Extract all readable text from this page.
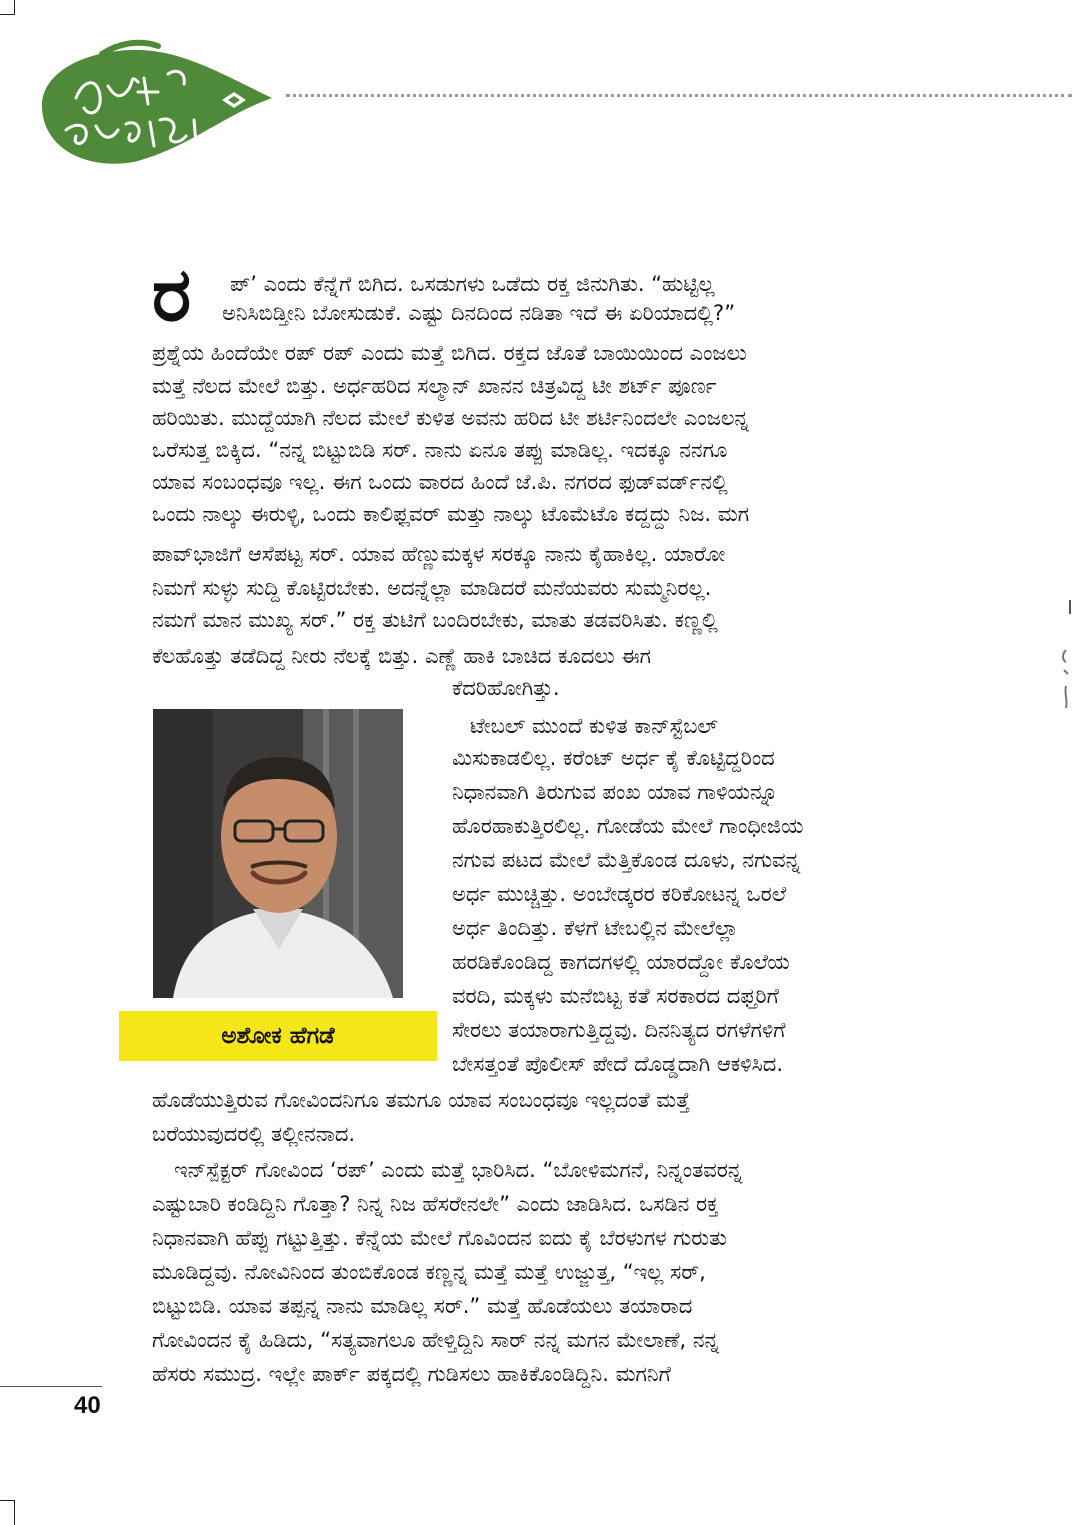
ರ ಪ್’ ಎಂದು ಕೆನ್ನೆಗೆ ಬಿಗಿದ. ಒಸಡುಗಳು ಒಡೆದು ರಕ್ತ ಜಿನುಗಿತು. “ಹುಟ್ಟಿಲ್ಲ
ಅನಿಸಿಬಿಡ್ತೀನಿ ಬೋಸುಡುಕೆ. ಎಷ್ಟು ದಿನದಿಂದ ನಡಿತಾ ಇದೆ ಈ ಏರಿಯಾದಲ್ಲಿ?”
ಪ್ರಶ್ನೆಯ ಹಿಂದೆಯೇ ರಪ್ ರಪ್ ಎಂದು ಮತ್ತೆ ಬಿಗಿದ. ರಕ್ತದ ಜೊತೆ ಬಾಯಿಯಿಂದ ಎಂಜಲು
ಮತ್ತೆ ನೆಲದ ಮೇಲೆ ಬಿತ್ತು. ಅರ್ಧಹರಿದ ಸಲ್ಮಾನ್ ಖಾನನ ಚಿತ್ರವಿದ್ದ ಟೀ ಶರ್ಟ್ ಪೂರ್ಣ
ಹರಿಯಿತು. ಮುದ್ದೆಯಾಗಿ ನೆಲದ ಮೇಲೆ ಕುಳಿತ ಅವನು ಹರಿದ ಟೀ ಶರ್ಟಿನಿಂದಲೇ ಎಂಜಲನ್ನ
ಒರೆಸುತ್ತ ಬಿಕ್ಕಿದ. “ನನ್ನ ಬಿಟ್ಟುಬಿಡಿ ಸರ್. ನಾನು ಏನೂ ತಪ್ಪು ಮಾಡಿಲ್ಲ. ಇದಕ್ಕೂ ನನಗೂ
ಯಾವ ಸಂಬಂಧವೂ ಇಲ್ಲ. ಈಗ ಒಂದು ವಾರದ ಹಿಂದೆ ಜೆ.ಪಿ. ನಗರದ ಫುಡ್‌ವರ್ಡ್‌ನಲ್ಲಿ
ಒಂದು ನಾಲ್ಕು ಈರುಳ್ಳಿ, ಒಂದು ಕಾಲಿಫ್ಲವರ್ ಮತ್ತು ನಾಲ್ಕು ಟೊಮೆಟೊ ಕದ್ದದ್ದು ನಿಜ. ಮಗ
ಪಾವ್‌ಭಾಜಿಗೆ ಆಸೆಪಟ್ಟ ಸರ್. ಯಾವ ಹೆಣ್ಣುಮಕ್ಕಳ ಸರಕ್ಕೂ ನಾನು ಕೈಹಾಕಿಲ್ಲ. ಯಾರೋ
ನಿಮಗೆ ಸುಳ್ಳು ಸುದ್ದಿ ಕೊಟ್ಟಿರಬೇಕು. ಅದನ್ನೆಲ್ಲಾ ಮಾಡಿದರೆ ಮನೆಯವರು ಸುಮ್ಮನಿರಲ್ಲ.
ನಮಗೆ ಮಾನ ಮುಖ್ಯ ಸರ್.” ರಕ್ತ ತುಟಿಗೆ ಬಂದಿರಬೇಕು, ಮಾತು ತಡವರಿಸಿತು. ಕಣ್ಣಲ್ಲಿ
ಕೆಲಹೊತ್ತು ತಡೆದಿದ್ದ ನೀರು ನೆಲಕ್ಕೆ ಬಿತ್ತು. ಎಣ್ಣೆ ಹಾಕಿ ಬಾಚಿದ ಕೂದಲು ಈಗ
ಕೆದರಿಹೋಗಿತ್ತು.
ಟೇಬಲ್ ಮುಂದೆ ಕುಳಿತ ಕಾನ್‌ಸ್ಟೆಬಲ್
ಮಿಸುಕಾಡಲಿಲ್ಲ. ಕರೆಂಟ್ ಅರ್ಧ ಕೈ ಕೊಟ್ಟಿದ್ದರಿಂದ
ನಿಧಾನವಾಗಿ ತಿರುಗುವ ಪಂಖ ಯಾವ ಗಾಳಿಯನ್ನೂ
ಹೊರಹಾಕುತ್ತಿರಲಿಲ್ಲ. ಗೋಡೆಯ ಮೇಲೆ ಗಾಂಧೀಜಿಯ
ನಗುವ ಪಟದ ಮೇಲೆ ಮೆತ್ತಿಕೊಂಡ ದೂಳು, ನಗುವನ್ನ
ಅರ್ಧ ಮುಚ್ಚಿತ್ತು. ಅಂಬೇಡ್ಕರರ ಕರಿಕೋಟನ್ನ ಒರಲೆ
ಅರ್ಧ ತಿಂದಿತ್ತು. ಕೆಳಗೆ ಟೇಬಲ್ಲಿನ ಮೇಲೆಲ್ಲಾ
ಹರಡಿಕೊಂಡಿದ್ದ ಕಾಗದಗಳಲ್ಲಿ ಯಾರದ್ದೋ ಕೊಲೆಯ
ವರದಿ, ಮಕ್ಕಳು ಮನೆಬಿಟ್ಟ ಕತೆ ಸರಕಾರದ ದಫ್ತರಿಗೆ
ಸೇರಲು ತಯಾರಾಗುತ್ತಿದ್ದವು. ದಿನನಿತ್ಯದ ರಗಳೆಗಳಿಗೆ
ಬೇಸತ್ತಂತೆ ಪೊಲೀಸ್ ಪೇದೆ ದೊಡ್ಡದಾಗಿ ಆಕಳಿಸಿದ.
ಹೊಡೆಯುತ್ತಿರುವ ಗೋವಿಂದನಿಗೂ ತಮಗೂ ಯಾವ ಸಂಬಂಧವೂ ಇಲ್ಲದಂತೆ ಮತ್ತೆ
ಬರೆಯುವುದರಲ್ಲಿ ತಲ್ಲೀನನಾದ.
ಇನ್‌ಸ್ಪೆಕ್ಟರ್ ಗೋವಿಂದ ‘ರಪ್’ ಎಂದು ಮತ್ತೆ ಭಾರಿಸಿದ. “ಬೋಳಿಮಗನೆ, ನಿನ್ನಂತವರನ್ನ
ಎಷ್ಟುಬಾರಿ ಕಂಡಿದ್ದಿನಿ ಗೊತ್ತಾ? ನಿನ್ನ ನಿಜ ಹೆಸರೇನಲೇ” ಎಂದು ಜಾಡಿಸಿದ. ಒಸಡಿನ ರಕ್ತ
ನಿಧಾನವಾಗಿ ಹೆಪ್ಪು ಗಟ್ಟುತ್ತಿತ್ತು. ಕೆನ್ನೆಯ ಮೇಲೆ ಗೊವಿಂದನ ಐದು ಕೈ ಬೆರಳುಗಳ ಗುರುತು
ಮೂಡಿದ್ದವು. ನೋವಿನಿಂದ ತುಂಬಿಕೊಂಡ ಕಣ್ಣನ್ನ ಮತ್ತೆ ಮತ್ತೆ ಉಜ್ಜುತ್ತ, “ಇಲ್ಲ ಸರ್,
ಬಿಟ್ಟುಬಿಡಿ. ಯಾವ ತಪ್ಪನ್ನ ನಾನು ಮಾಡಿಲ್ಲ ಸರ್.” ಮತ್ತೆ ಹೊಡೆಯಲು ತಯಾರಾದ
ಗೋವಿಂದನ ಕೈ ಹಿಡಿದು, “ಸತ್ಯವಾಗಲೂ ಹೇಳ್ತಿದ್ದಿನಿ ಸಾರ್ ನನ್ನ ಮಗನ ಮೇಲಾಣೆ, ನನ್ನ
ಹೆಸರು ಸಮುದ್ರ. ಇಲ್ಲೇ ಪಾರ್ಕ್ ಪಕ್ಕದಲ್ಲಿ ಗುಡಿಸಲು ಹಾಕಿಕೊಂಡಿದ್ದಿನಿ. ಮಗನಿಗೆ
ಅಶೋಕ ಹೆಗಡೆ
40
